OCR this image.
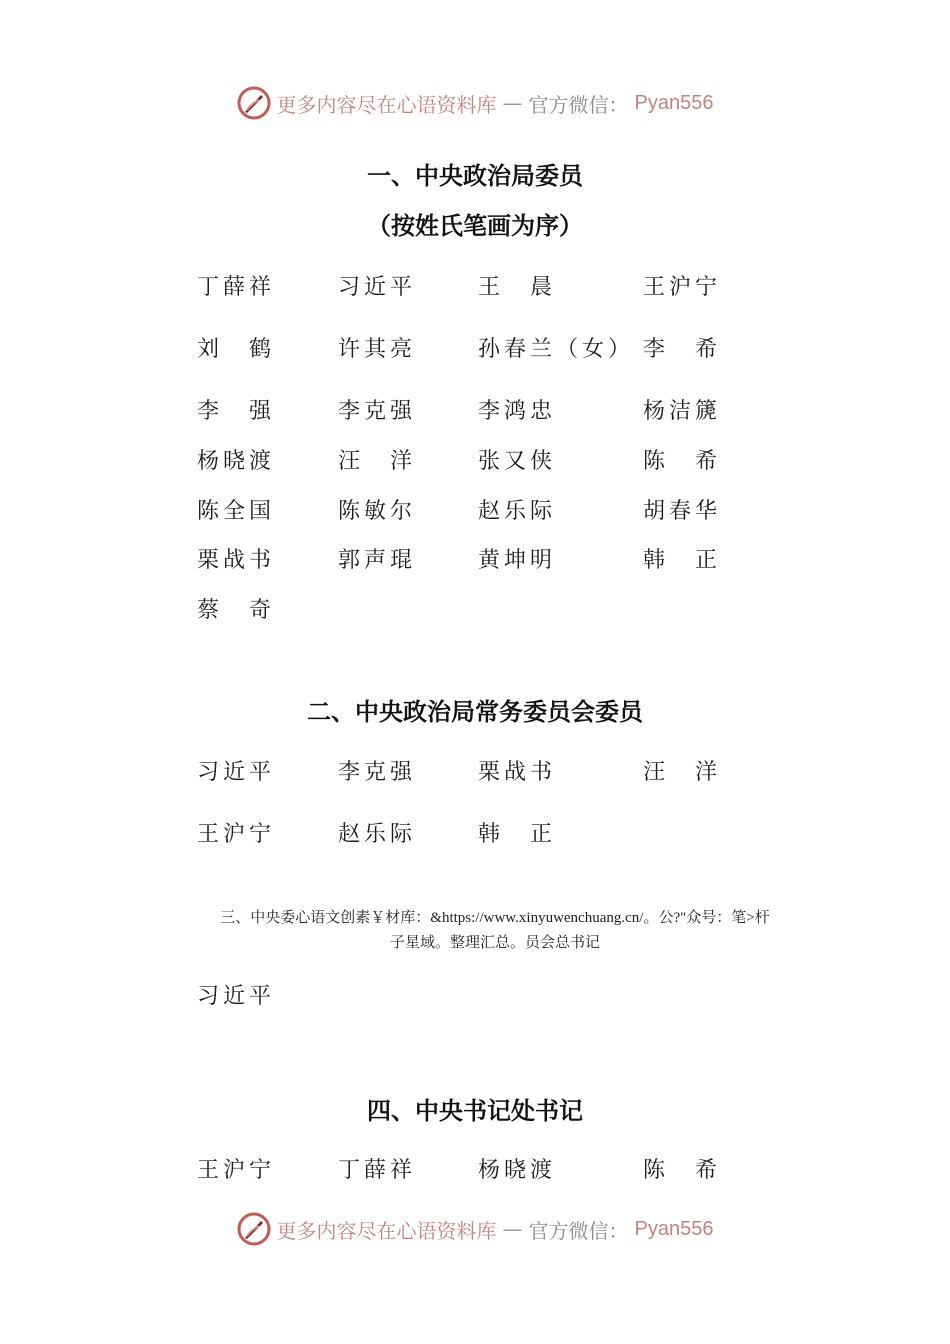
更多内容尽在心语资料库 — 官方微信： Pyan556
一、中央政治局委员
（按姓氏笔画为序）
丁薛祥	习近平	王　晨	王沪宁
刘　鹤	许其亮	孙春兰（女） 李　希
李　强	李克强	李鸿忠	杨洁篪
杨晓渡	汪　洋	张又侠	陈　希
陈全国	陈敏尔	赵乐际	胡春华
栗战书	郭声琨	黄坤明	韩　正
蔡　奇
二、中央政治局常务委员会委员
习近平	李克强	栗战书	汪　洋
王沪宁	赵乐际	韩　正
三、中央委心语文创素￥材库：&https://www.xinyuwenchuang.cn/。公?"众号：笔>杆
子星域。整理汇总。员会总书记
习近平
四、中央书记处书记
王沪宁	丁薛祥	杨晓渡	陈　希
更多内容尽在心语资料库 — 官方微信： Pyan556
